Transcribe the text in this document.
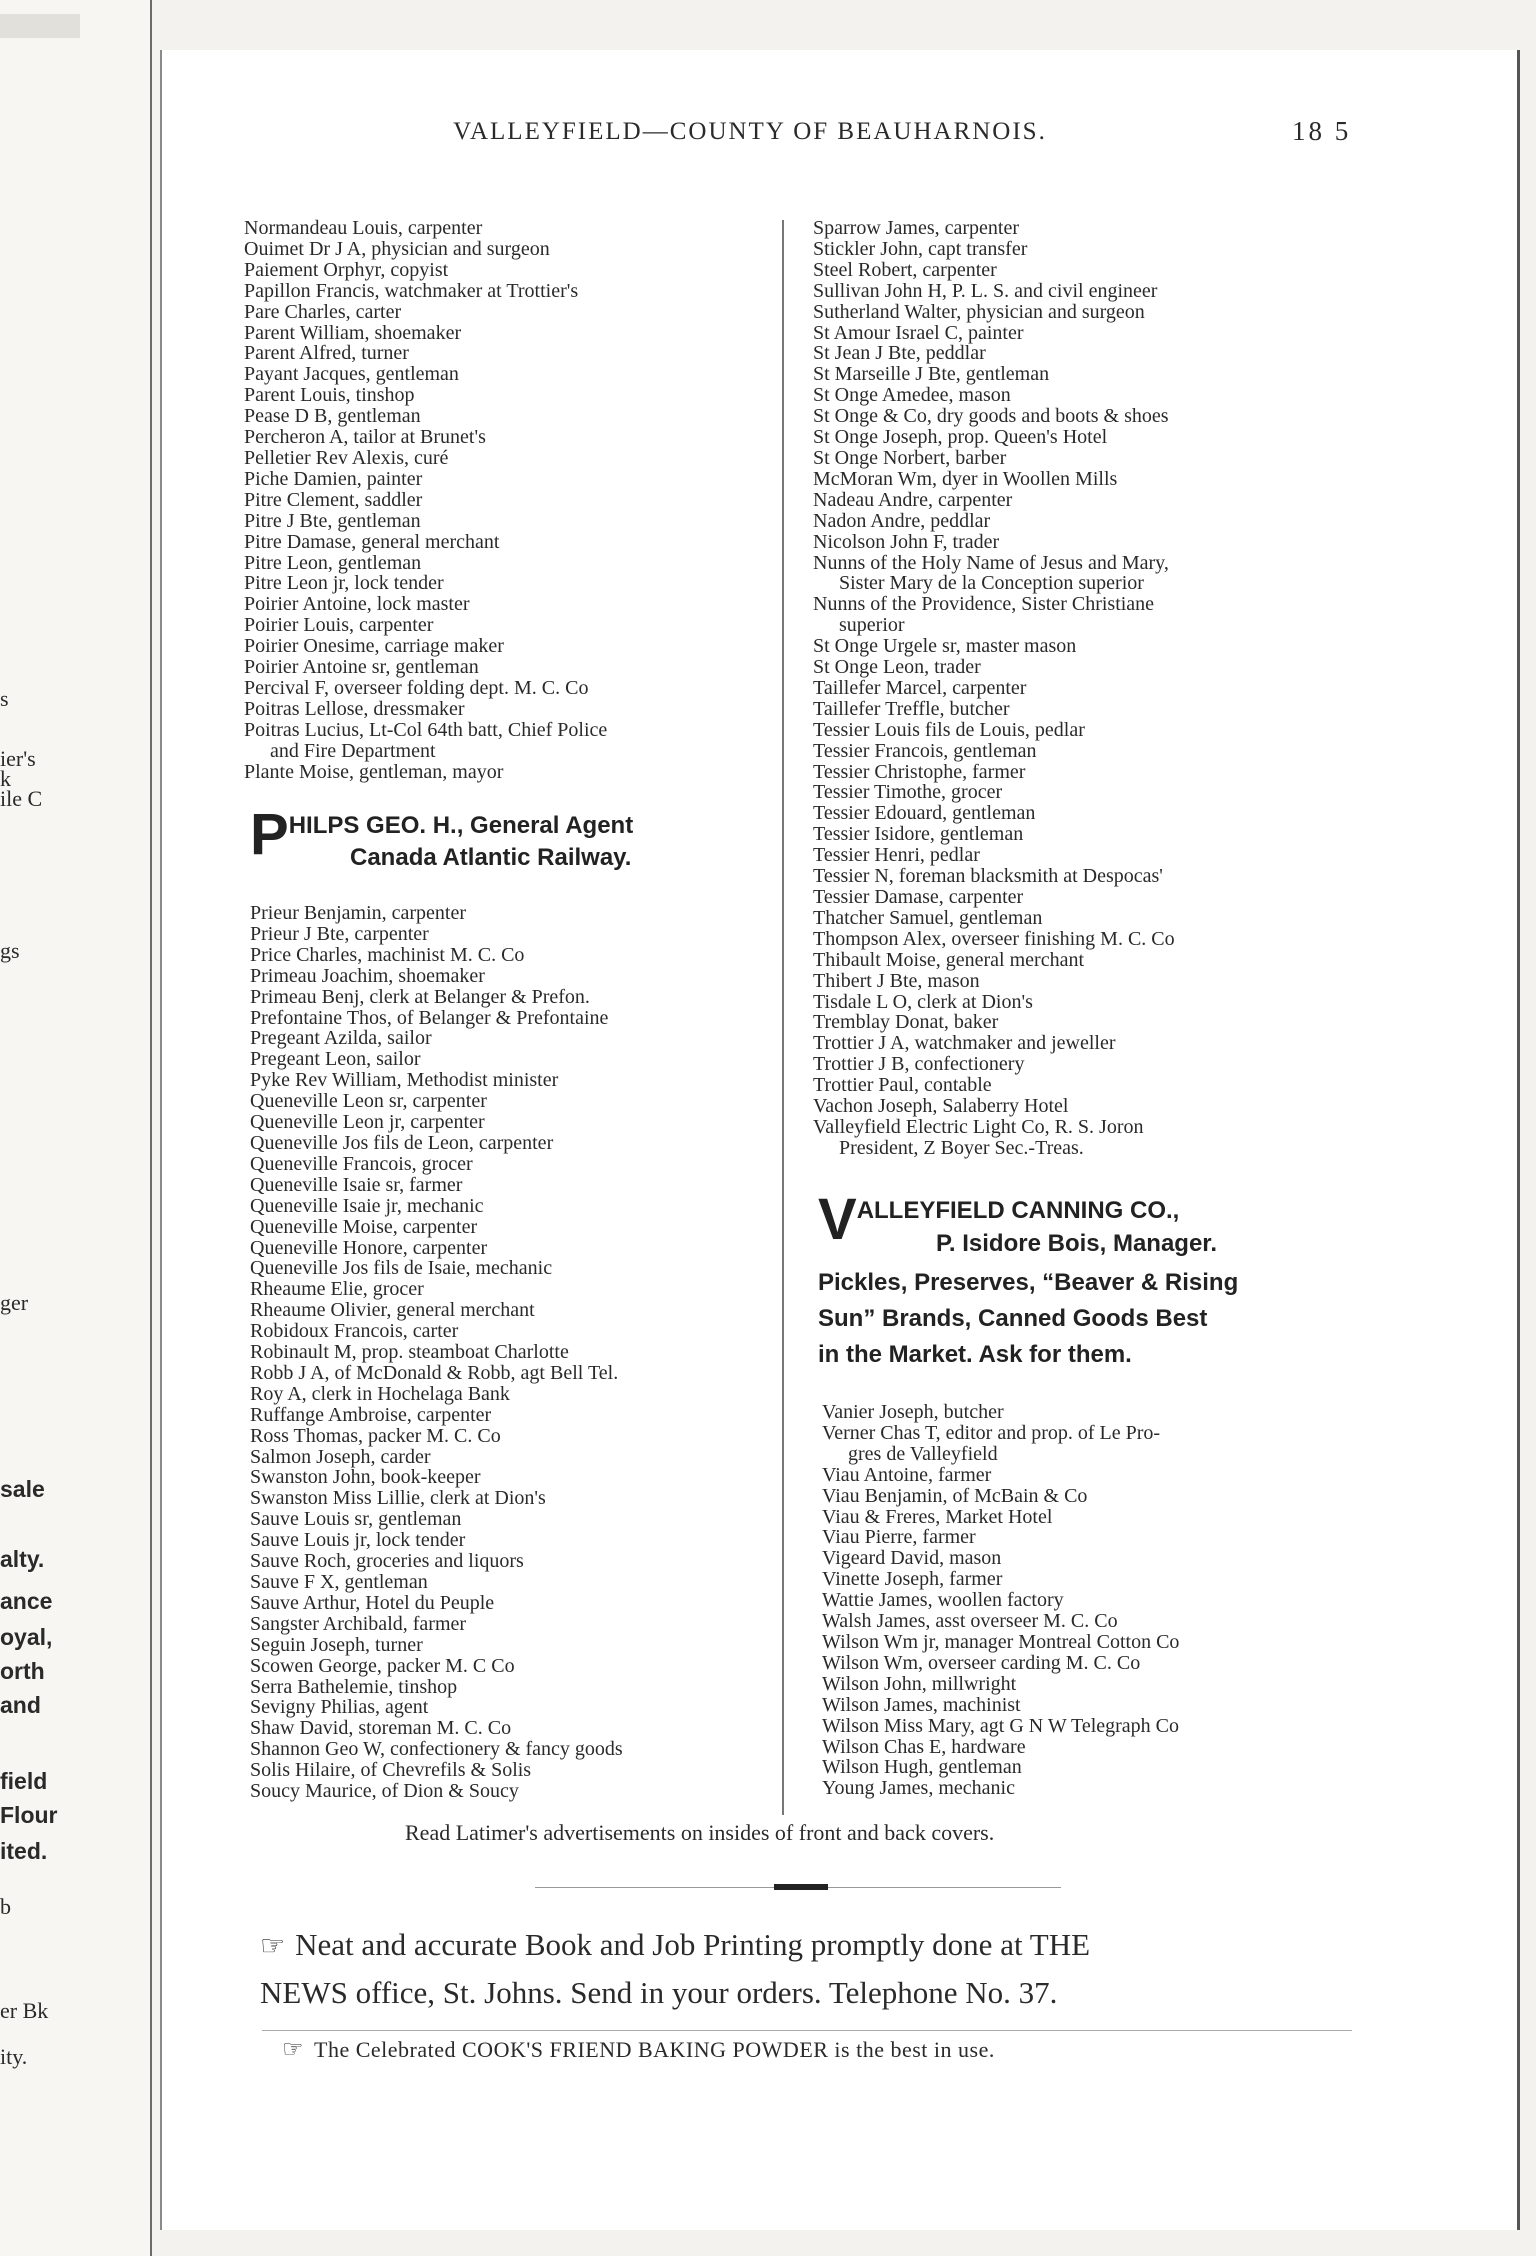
s
ier's
k
ile C
gs
ger
sale
alty.
ance
oyal,
orth
and
field
Flour
ited.
b
er Bk
ity.
VALLEYFIELD—COUNTY OF BEAUHARNOIS.	18 5
Normandeau Louis, carpenter
Ouimet Dr J A, physician and surgeon
Paiement Orphyr, copyist
Papillon Francis, watchmaker at Trottier's
Pare Charles, carter
Parent William, shoemaker
Parent Alfred, turner
Payant Jacques, gentleman
Parent Louis, tinshop
Pease D B, gentleman
Percheron A, tailor at Brunet's
Pelletier Rev Alexis, curé
Piche Damien, painter
Pitre Clement, saddler
Pitre J Bte, gentleman
Pitre Damase, general merchant
Pitre Leon, gentleman
Pitre Leon jr, lock tender
Poirier Antoine, lock master
Poirier Louis, carpenter
Poirier Onesime, carriage maker
Poirier Antoine sr, gentleman
Percival F, overseer folding dept. M. C. Co
Poitras Lellose, dressmaker
Poitras Lucius, Lt-Col 64th batt, Chief Police
and Fire Department
Plante Moise, gentleman, mayor
P HILPS GEO. H., General Agent
Canada Atlantic Railway.
Prieur Benjamin, carpenter
Prieur J Bte, carpenter
Price Charles, machinist M. C. Co
Primeau Joachim, shoemaker
Primeau Benj, clerk at Belanger & Prefon.
Prefontaine Thos, of Belanger & Prefontaine
Pregeant Azilda, sailor
Pregeant Leon, sailor
Pyke Rev William, Methodist minister
Queneville Leon sr, carpenter
Queneville Leon jr, carpenter
Queneville Jos fils de Leon, carpenter
Queneville Francois, grocer
Queneville Isaie sr, farmer
Queneville Isaie jr, mechanic
Queneville Moise, carpenter
Queneville Honore, carpenter
Queneville Jos fils de Isaie, mechanic
Rheaume Elie, grocer
Rheaume Olivier, general merchant
Robidoux Francois, carter
Robinault M, prop. steamboat Charlotte
Robb J A, of McDonald & Robb, agt Bell Tel.
Roy A, clerk in Hochelaga Bank
Ruffange Ambroise, carpenter
Ross Thomas, packer M. C. Co
Salmon Joseph, carder
Swanston John, book-keeper
Swanston Miss Lillie, clerk at Dion's
Sauve Louis sr, gentleman
Sauve Louis jr, lock tender
Sauve Roch, groceries and liquors
Sauve F X, gentleman
Sauve Arthur, Hotel du Peuple
Sangster Archibald, farmer
Seguin Joseph, turner
Scowen George, packer M. C Co
Serra Bathelemie, tinshop
Sevigny Philias, agent
Shaw David, storeman M. C. Co
Shannon Geo W, confectionery & fancy goods
Solis Hilaire, of Chevrefils & Solis
Soucy Maurice, of Dion & Soucy
Sparrow James, carpenter
Stickler John, capt transfer
Steel Robert, carpenter
Sullivan John H, P. L. S. and civil engineer
Sutherland Walter, physician and surgeon
St Amour Israel C, painter
St Jean J Bte, peddlar
St Marseille J Bte, gentleman
St Onge Amedee, mason
St Onge & Co, dry goods and boots & shoes
St Onge Joseph, prop. Queen's Hotel
St Onge Norbert, barber
McMoran Wm, dyer in Woollen Mills
Nadeau Andre, carpenter
Nadon Andre, peddlar
Nicolson John F, trader
Nunns of the Holy Name of Jesus and Mary,
Sister Mary de la Conception superior
Nunns of the Providence, Sister Christiane
superior
St Onge Urgele sr, master mason
St Onge Leon, trader
Taillefer Marcel, carpenter
Taillefer Treffle, butcher
Tessier Louis fils de Louis, pedlar
Tessier Francois, gentleman
Tessier Christophe, farmer
Tessier Timothe, grocer
Tessier Edouard, gentleman
Tessier Isidore, gentleman
Tessier Henri, pedlar
Tessier N, foreman blacksmith at Despocas'
Tessier Damase, carpenter
Thatcher Samuel, gentleman
Thompson Alex, overseer finishing M. C. Co
Thibault Moise, general merchant
Thibert J Bte, mason
Tisdale L O, clerk at Dion's
Tremblay Donat, baker
Trottier J A, watchmaker and jeweller
Trottier J B, confectionery
Trottier Paul, contable
Vachon Joseph, Salaberry Hotel
Valleyfield Electric Light Co, R. S. Joron
President, Z Boyer Sec.-Treas.
V ALLEYFIELD CANNING CO.,
P. Isidore Bois, Manager.
Pickles, Preserves, “Beaver & Rising
Sun” Brands, Canned Goods Best
in the Market. Ask for them.
Vanier Joseph, butcher
Verner Chas T, editor and prop. of Le Pro-
gres de Valleyfield
Viau Antoine, farmer
Viau Benjamin, of McBain & Co
Viau & Freres, Market Hotel
Viau Pierre, farmer
Vigeard David, mason
Vinette Joseph, farmer
Wattie James, woollen factory
Walsh James, asst overseer M. C. Co
Wilson Wm jr, manager Montreal Cotton Co
Wilson Wm, overseer carding M. C. Co
Wilson John, millwright
Wilson James, machinist
Wilson Miss Mary, agt G N W Telegraph Co
Wilson Chas E, hardware
Wilson Hugh, gentleman
Young James, mechanic
Read Latimer's advertisements on insides of front and back covers.
☞ Neat and accurate Book and Job Printing promptly done at THE
NEWS office, St. Johns. Send in your orders. Telephone No. 37.
☞ The Celebrated COOK'S FRIEND BAKING POWDER is the best in use.
